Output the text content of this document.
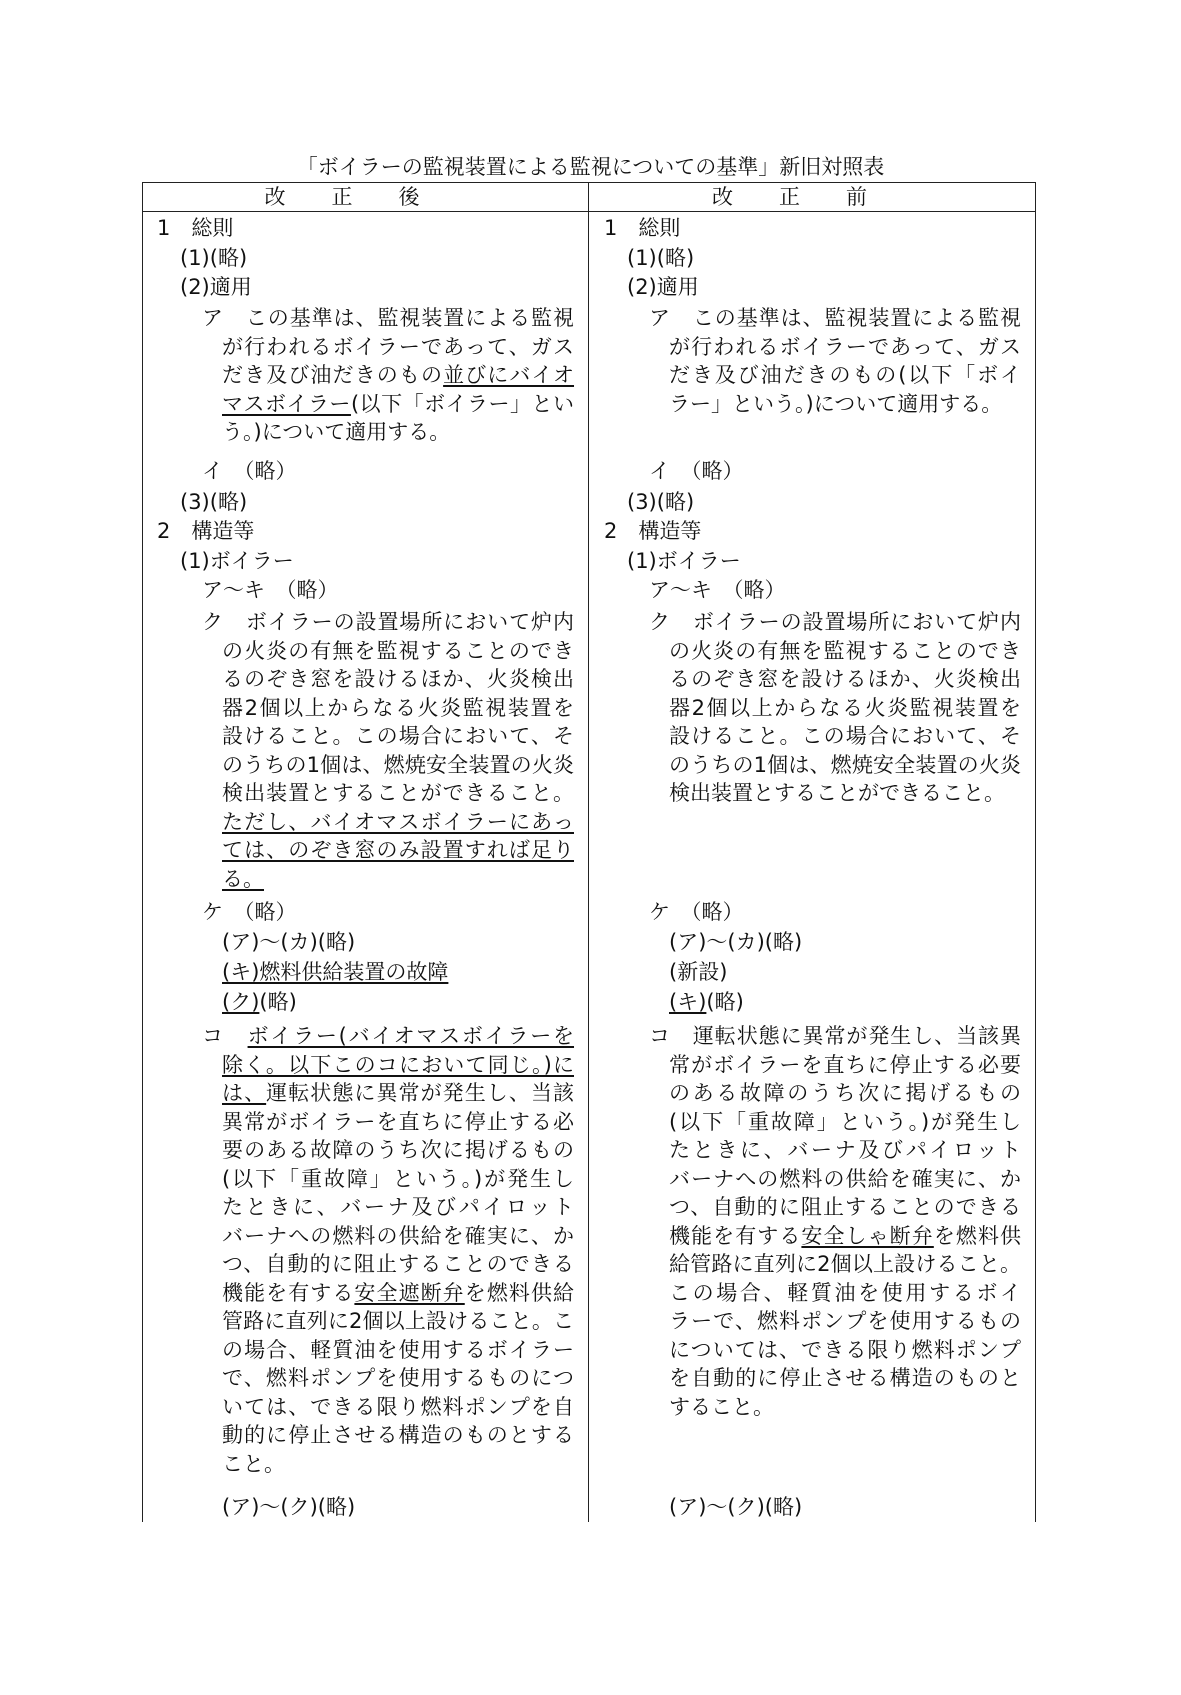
「ボイラーの監視装置による監視についての基準」新旧対照表
改正後	改正前
1　総則
(1)(略)
(2)適用
ア　この基準は、監視装置による監視
が行われるボイラーであって、ガス
だき及び油だきのもの並びにバイオ
マスボイラー(以下「ボイラー」とい
う。)について適用する。
イ　（略）
(3)(略)
2　構造等
(1)ボイラー
ア～キ　（略）
ク　ボイラーの設置場所において炉内
の火炎の有無を監視することのでき
るのぞき窓を設けるほか、火炎検出
器2個以上からなる火炎監視装置を
設けること。この場合において、そ
のうちの1個は、燃焼安全装置の火炎
検出装置とすることができること。
ただし、バイオマスボイラーにあっ
ては、のぞき窓のみ設置すれば足り
る。
ケ　（略）
(ア)～(カ)(略)
(キ)燃料供給装置の故障
(ク)(略)
コ　ボイラー(バイオマスボイラーを
除く。以下このコにおいて同じ。)に
は、運転状態に異常が発生し、当該
異常がボイラーを直ちに停止する必
要のある故障のうち次に掲げるもの
(以下「重故障」という。)が発生し
たときに、バーナ及びパイロット
バーナへの燃料の供給を確実に、か
つ、自動的に阻止することのできる
機能を有する安全遮断弁を燃料供給
管路に直列に2個以上設けること。こ
の場合、軽質油を使用するボイラー
で、燃料ポンプを使用するものにつ
いては、できる限り燃料ポンプを自
動的に停止させる構造のものとする
こと。
(ア)～(ク)(略)
1　総則
(1)(略)
(2)適用
ア　この基準は、監視装置による監視
が行われるボイラーであって、ガス
だき及び油だきのもの(以下「ボイ
ラー」という。)について適用する。
イ　（略）
(3)(略)
2　構造等
(1)ボイラー
ア～キ　（略）
ク　ボイラーの設置場所において炉内
の火炎の有無を監視することのでき
るのぞき窓を設けるほか、火炎検出
器2個以上からなる火炎監視装置を
設けること。この場合において、そ
のうちの1個は、燃焼安全装置の火炎
検出装置とすることができること。
ケ　（略）
(ア)～(カ)(略)
(新設)
(キ)(略)
コ　運転状態に異常が発生し、当該異
常がボイラーを直ちに停止する必要
のある故障のうち次に掲げるもの
(以下「重故障」という。)が発生し
たときに、バーナ及びパイロット
バーナへの燃料の供給を確実に、か
つ、自動的に阻止することのできる
機能を有する安全しゃ断弁を燃料供
給管路に直列に2個以上設けること。
この場合、軽質油を使用するボイ
ラーで、燃料ポンプを使用するもの
については、できる限り燃料ポンプ
を自動的に停止させる構造のものと
すること。
(ア)～(ク)(略)
